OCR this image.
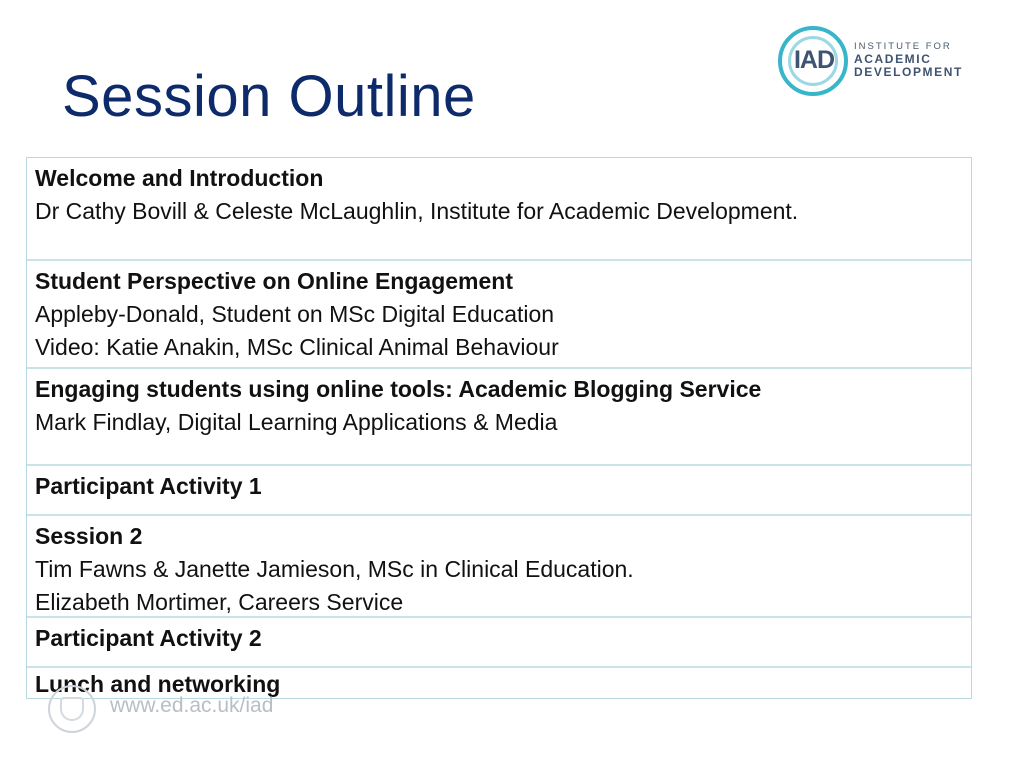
Session Outline
IAD	INSTITUTE FOR
ACADEMIC
DEVELOPMENT
Welcome and Introduction
Dr Cathy Bovill & Celeste McLaughlin, Institute for Academic Development.
Student Perspective on Online Engagement
Appleby-Donald, Student on MSc Digital Education
Video: Katie Anakin, MSc Clinical Animal Behaviour
Engaging students using online tools: Academic Blogging Service
Mark Findlay, Digital Learning Applications & Media
Participant Activity 1
Session 2
Tim Fawns & Janette Jamieson, MSc in Clinical Education.
Elizabeth Mortimer, Careers Service
Participant Activity 2
Lunch and networking
www.ed.ac.uk/iad
